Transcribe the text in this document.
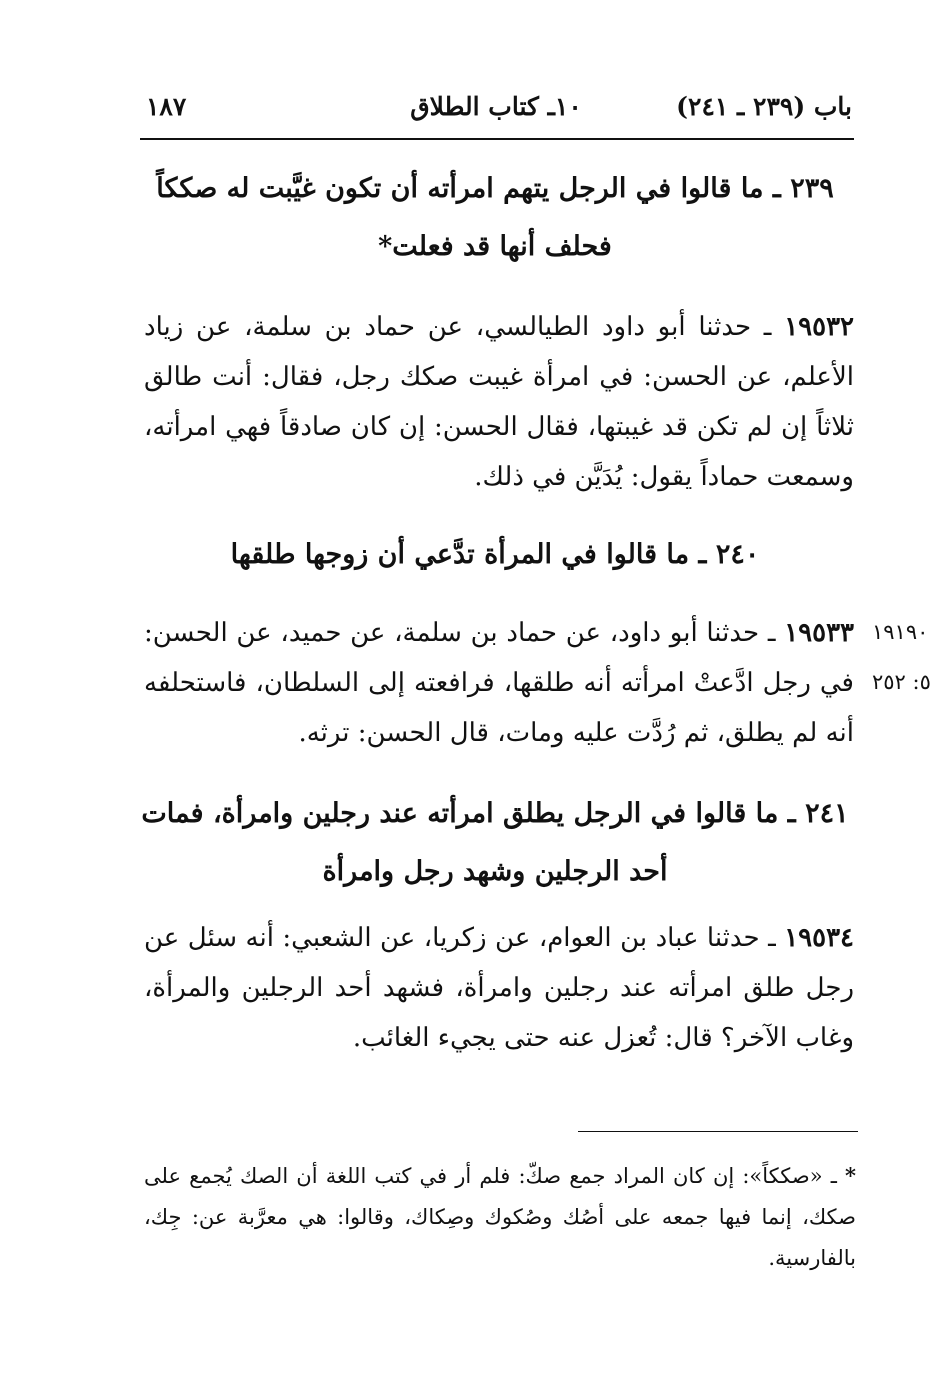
باب (٢٣٩ ـ ٢٤١)
١٠ـ كتاب الطلاق
١٨٧
٢٣٩ ـ ما قالوا في الرجل يتهم امرأته أن تكون غيَّبت له صككاً فحلف أنها قد فعلت*
١٩٥٣٢ ـ حدثنا أبو داود الطيالسي، عن حماد بن سلمة، عن زياد الأعلم، عن الحسن: في امرأة غيبت صكك رجل، فقال: أنت طالق ثلاثاً إن لم تكن قد غيبتها، فقال الحسن: إن كان صادقاً فهي امرأته، وسمعت حماداً يقول: يُدَيَّن في ذلك.
٢٤٠ ـ ما قالوا في المرأة تدَّعي أن زوجها طلقها
١٩٥٣٣ ـ حدثنا أبو داود، عن حماد بن سلمة، عن حميد، عن الحسن: في رجل ادَّعتْ امرأته أنه طلقها، فرافعته إلى السلطان، فاستحلفه أنه لم يطلق، ثم رُدَّت عليه ومات، قال الحسن: ترثه.
١٩١٩٠
٥: ٢٥٢
٢٤١ ـ ما قالوا في الرجل يطلق امرأته عند رجلين وامرأة، فمات أحد الرجلين وشهد رجل وامرأة
١٩٥٣٤ ـ حدثنا عباد بن العوام، عن زكريا، عن الشعبي: أنه سئل عن رجل طلق امرأته عند رجلين وامرأة، فشهد أحد الرجلين والمرأة، وغاب الآخر؟ قال: تُعزل عنه حتى يجيء الغائب.
* ـ «صككاً»: إن كان المراد جمع صكّ: فلم أر في كتب اللغة أن الصك يُجمع على صكك، إنما فيها جمعه على أصُك وصُكوك وصِكاك، وقالوا: هي معرَّبة عن: جِك، بالفارسية.
